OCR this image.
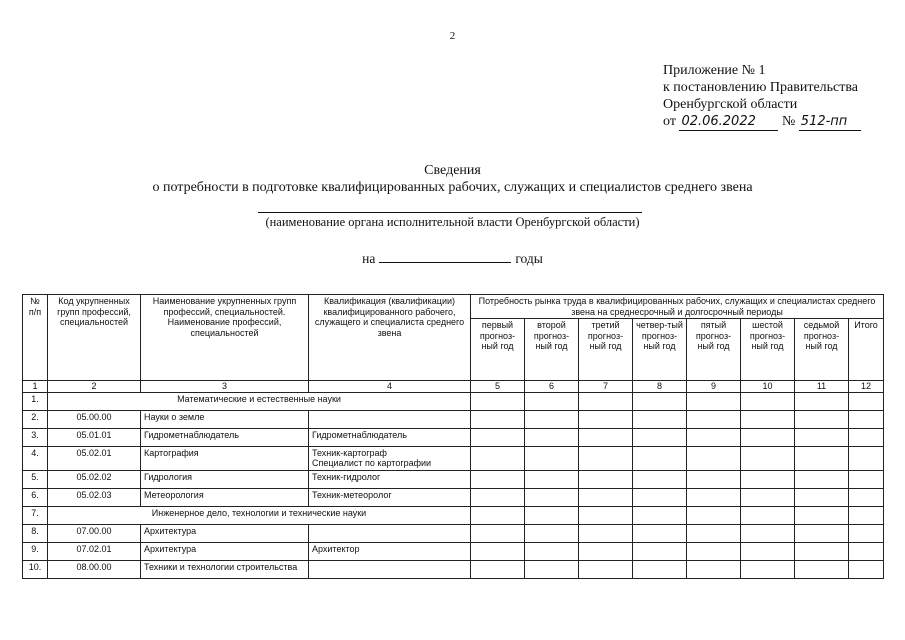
2
Приложение № 1
к постановлению Правительства
Оренбургской области
от 02.06.2022 № 512-пп
Сведения
о потребности в подготовке квалифицированных рабочих, служащих и специалистов среднего звена
(наименование органа исполнительной власти Оренбургской области)
на	годы
№ п/п	Код укрупненных групп профессий, специальностей	Наименование укрупненных групп профессий, специальностей. Наименование профессий, специальностей	Квалификация (квалификации) квалифицированного рабочего, служащего и специалиста среднего звена	Потребность рынка труда в квалифицированных рабочих, служащих и специалистах среднего звена на среднесрочный и долгосрочный периоды							
				первый прогноз-ный год	второй прогноз-ный год	третий прогноз-ный год	четвер-тый прогноз-ный год	пятый прогноз-ный год	шестой прогноз-ный год	седьмой прогноз-ный год	Итого
1	2	3	4	5	6	7	8	9	10	11	12
1.	Математические и естественные науки										
2.	05.00.00	Науки о земле	

3.	05.01.01	Гидрометнаблюдатель	Гидрометнаблюдатель								

4.	05.02.01	Картография	Техник-картограф
Специалист по картографии								

5.	05.02.02	Гидрология	Техник-гидролог								

6.	05.02.03	Метеорология	Техник-метеоролог								

7.	Инженерное дело, технологии и технические науки										
8.	07.00.00	Архитектура	

9.	07.02.01	Архитектура	Архитектор								

10.	08.00.00	Техники и технологии строительства	
